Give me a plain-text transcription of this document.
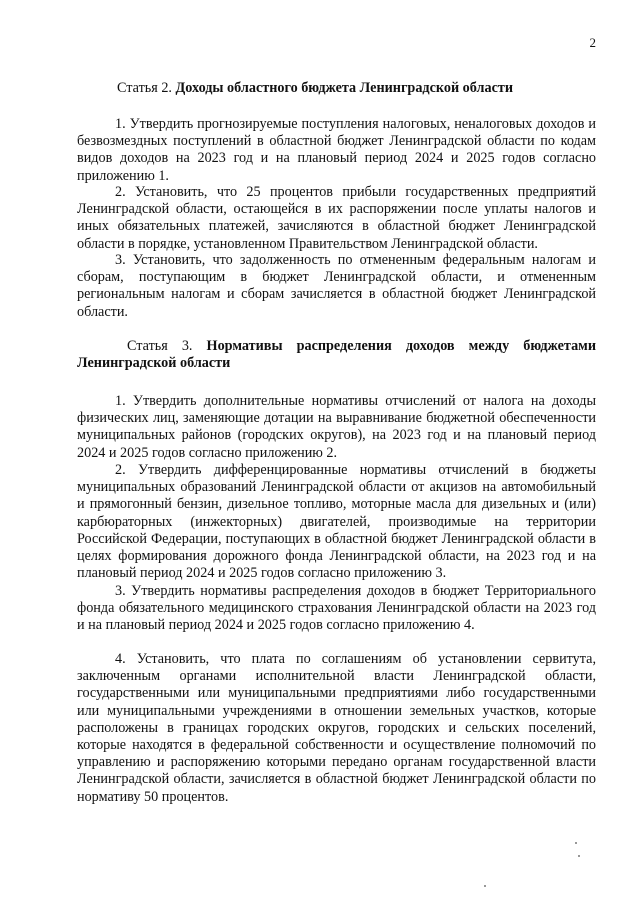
2
Статья 2. Доходы областного бюджета Ленинградской области

1. Утвердить прогнозируемые поступления налоговых, неналоговых доходов и безвозмездных поступлений в областной бюджет Ленинградской области по кодам видов доходов на 2023 год и на плановый период 2024 и 2025 годов согласно приложению 1.

2. Установить, что 25 процентов прибыли государственных предприятий Ленинградской области, остающейся в их распоряжении после уплаты налогов и иных обязательных платежей, зачисляются в областной бюджет Ленинградской области в порядке, установленном Правительством Ленинградской области.

3. Установить, что задолженность по отмененным федеральным налогам и сборам, поступающим в бюджет Ленинградской области, и отмененным региональным налогам и сборам зачисляется в областной бюджет Ленинградской области.

Статья 3. Нормативы распределения доходов между бюджетами Ленинградской области

1. Утвердить дополнительные нормативы отчислений от налога на доходы физических лиц, заменяющие дотации на выравнивание бюджетной обеспеченности муниципальных районов (городских округов), на 2023 год и на плановый период 2024 и 2025 годов согласно приложению 2.

2. Утвердить дифференцированные нормативы отчислений в бюджеты муниципальных образований Ленинградской области от акцизов на автомобильный и прямогонный бензин, дизельное топливо, моторные масла для дизельных и (или) карбюраторных (инжекторных) двигателей, производимые на территории Российской Федерации, поступающих в областной бюджет Ленинградской области в целях формирования дорожного фонда Ленинградской области, на 2023 год и на плановый период 2024 и 2025 годов согласно приложению 3.

3. Утвердить нормативы распределения доходов в бюджет Территориального фонда обязательного медицинского страхования Ленинградской области на 2023 год и на плановый период 2024 и 2025 годов согласно приложению 4.

4. Установить, что плата по соглашениям об установлении сервитута, заключенным органами исполнительной власти Ленинградской области, государственными или муниципальными предприятиями либо государственными или муниципальными учреждениями в отношении земельных участков, которые расположены в границах городских округов, городских и сельских поселений, которые находятся в федеральной собственности и осуществление полномочий по управлению и распоряжению которыми передано органам государственной власти Ленинградской области, зачисляется в областной бюджет Ленинградской области по нормативу 50 процентов.
